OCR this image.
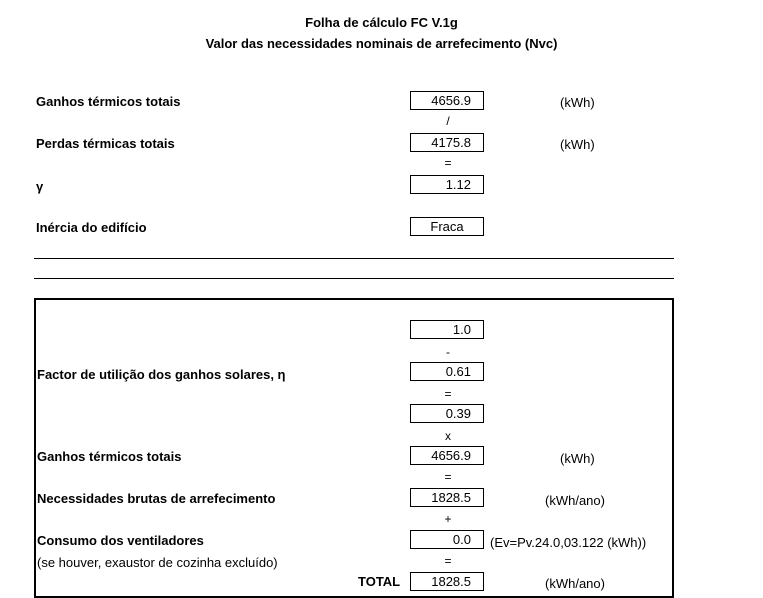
Folha de cálculo FC V.1g
Valor das necessidades nominais de arrefecimento (Nvc)
Ganhos térmicos totais	4656.9	(kWh)
/
Perdas térmicas totais	4175.8	(kWh)
=
γ	1.12
Inércia do edifício	Fraca
1.0
-
Factor de utilição dos ganhos solares, η	0.61
=
0.39
x
Ganhos térmicos totais	4656.9	(kWh)
=
Necessidades brutas de arrefecimento	1828.5	(kWh/ano)
+
Consumo dos ventiladores	0.0	(Ev=Pv.24.0,03.122 (kWh))
(se houver, exaustor de cozinha excluído)	=
TOTAL	1828.5	(kWh/ano)
